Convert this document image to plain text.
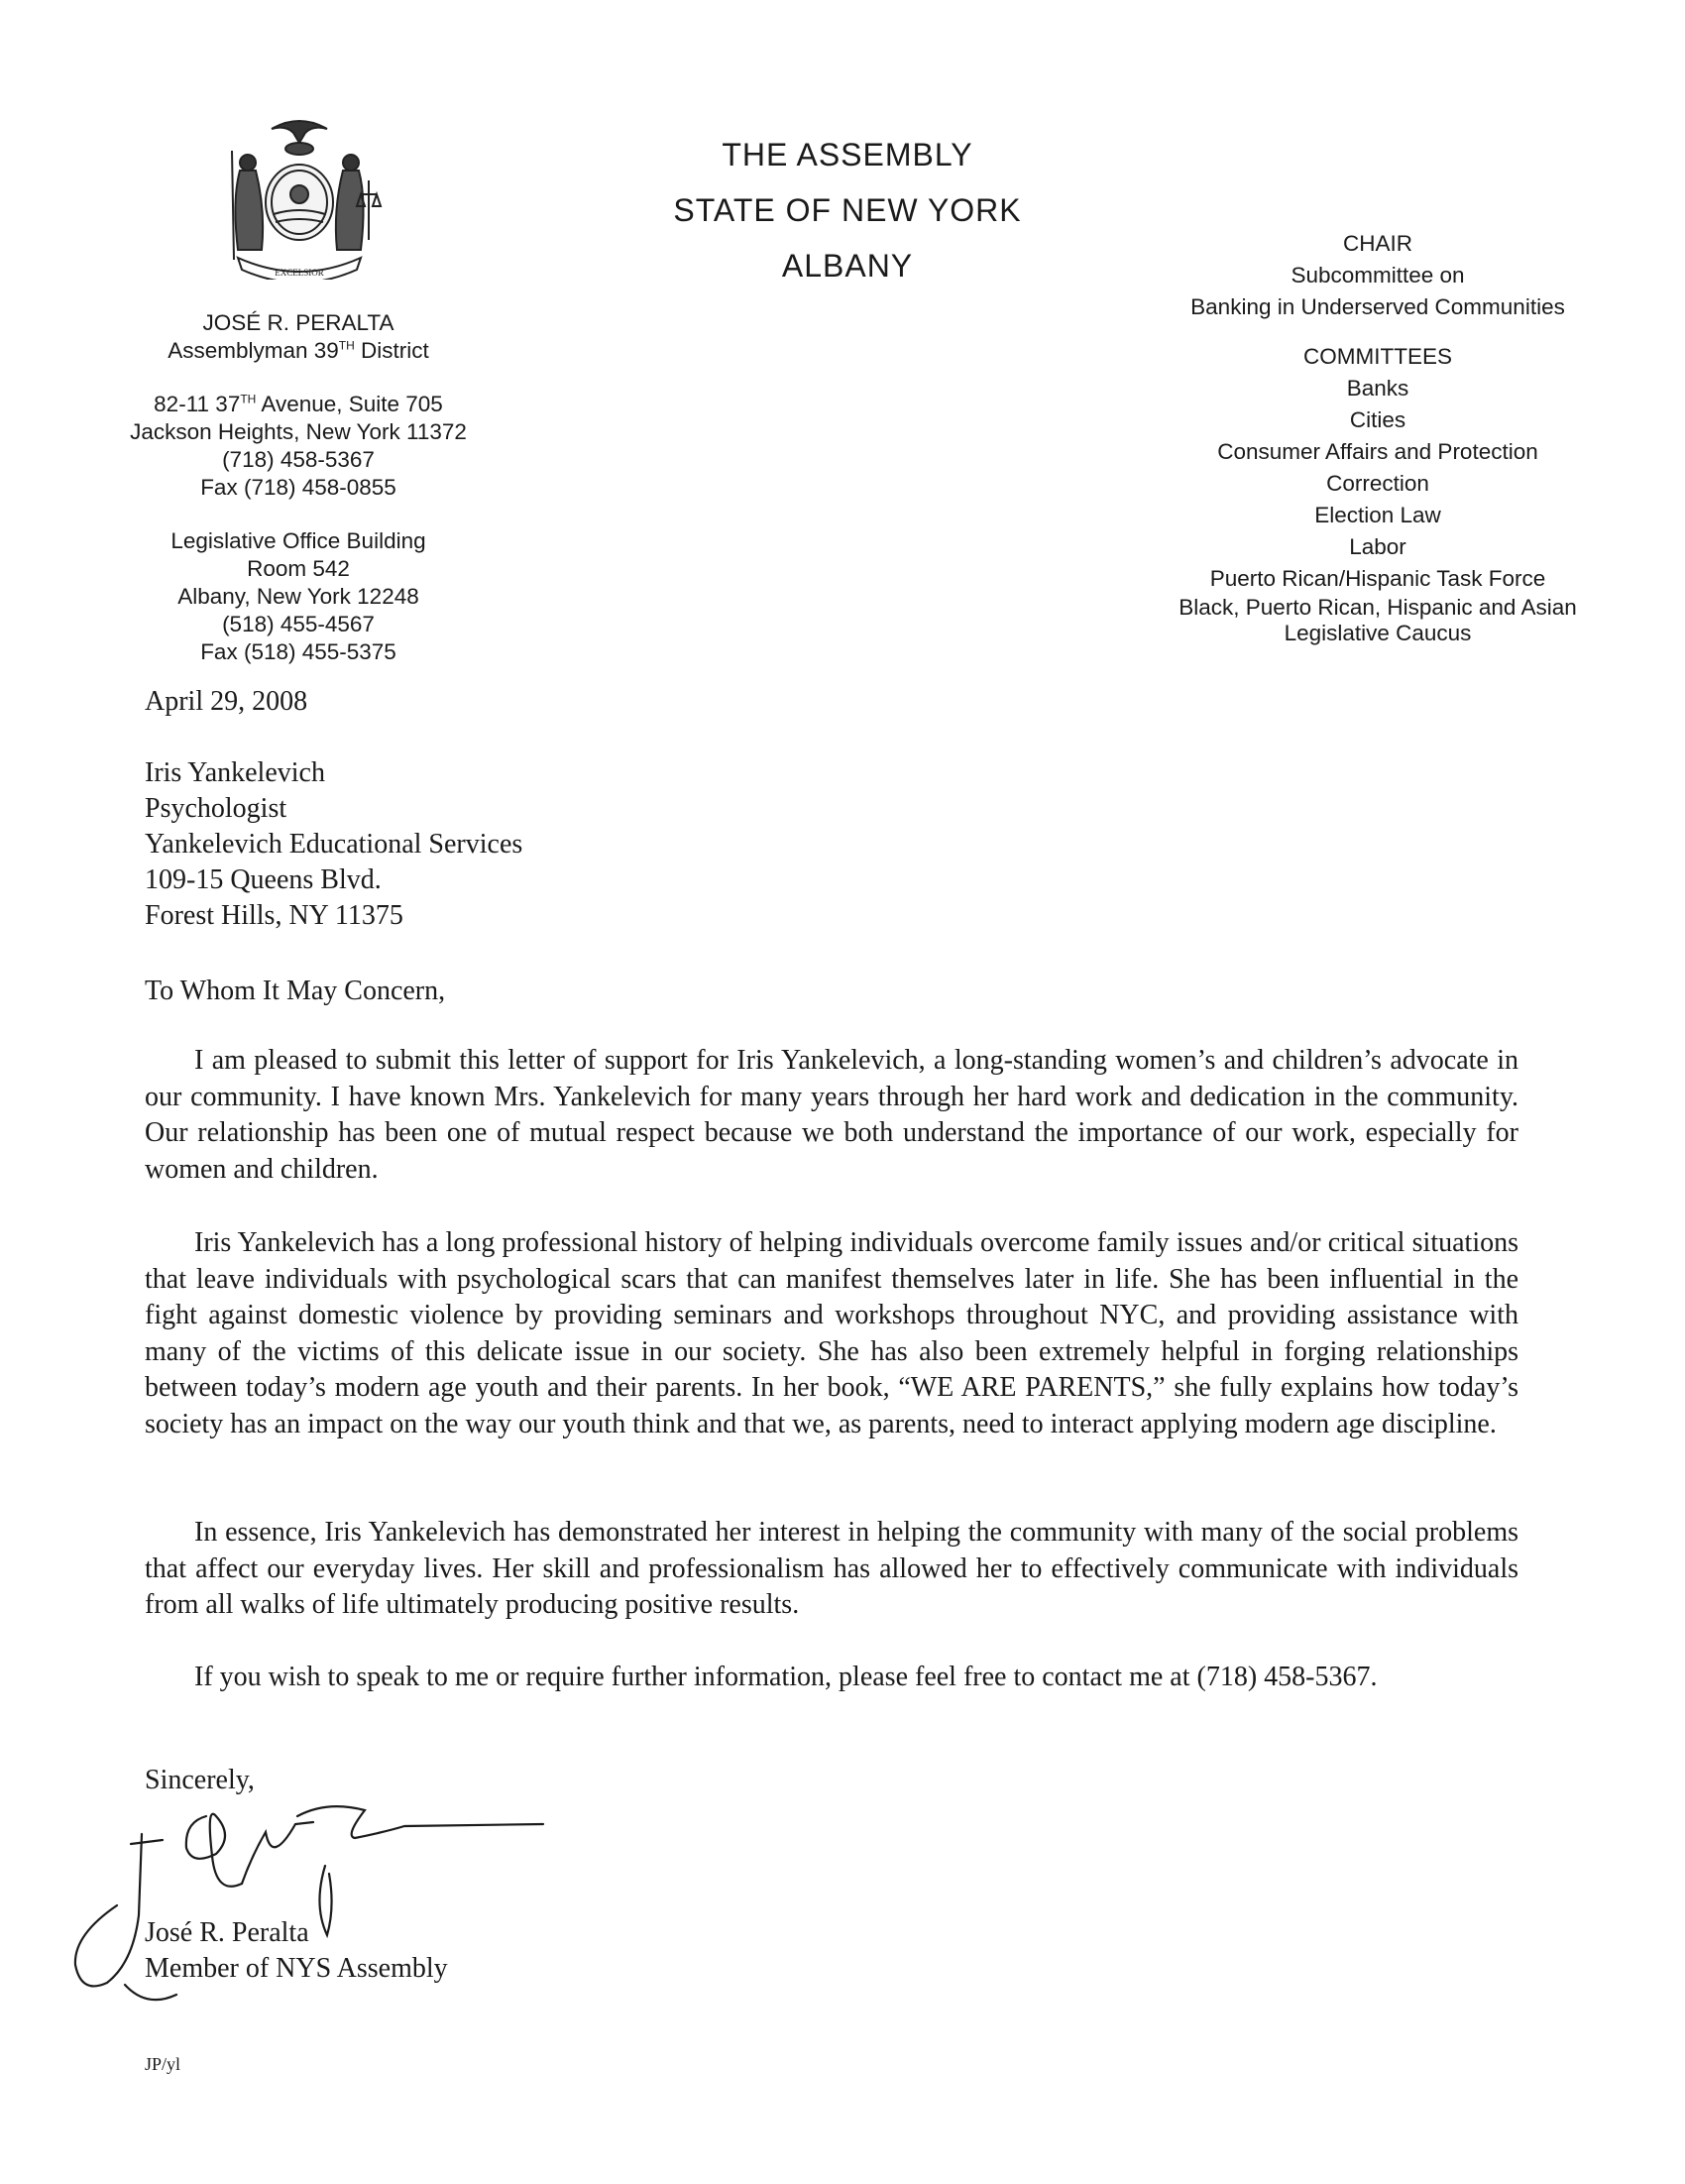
EXCELSIOR
THE ASSEMBLY
STATE OF NEW YORK
ALBANY
JOSÉ R. PERALTA
Assemblyman 39TH District
82-11 37TH Avenue, Suite 705
Jackson Heights, New York 11372
(718) 458-5367
Fax (718) 458-0855
Legislative Office Building
Room 542
Albany, New York 12248
(518) 455-4567
Fax (518) 455-5375
CHAIR
Subcommittee on
Banking in Underserved Communities
COMMITTEES
Banks
Cities
Consumer Affairs and Protection
Correction
Election Law
Labor
Puerto Rican/Hispanic Task Force
Black, Puerto Rican, Hispanic and Asian
Legislative Caucus
April 29, 2008
Iris Yankelevich
Psychologist
Yankelevich Educational Services
109-15 Queens Blvd.
Forest Hills, NY 11375
To Whom It May Concern,

I am pleased to submit this letter of support for Iris Yankelevich, a long-standing women’s and children’s advocate in our community. I have known Mrs. Yankelevich for many years through her hard work and dedication in the community. Our relationship has been one of mutual respect because we both understand the importance of our work, especially for women and children.

Iris Yankelevich has a long professional history of helping individuals overcome family issues and/or critical situations that leave individuals with psychological scars that can manifest themselves later in life. She has been influential in the fight against domestic violence by providing seminars and workshops throughout NYC, and providing assistance with many of the victims of this delicate issue in our society. She has also been extremely helpful in forging relationships between today’s modern age youth and their parents. In her book, “WE ARE PARENTS,” she fully explains how today’s society has an impact on the way our youth think and that we, as parents, need to interact applying modern age discipline.

In essence, Iris Yankelevich has demonstrated her interest in helping the community with many of the social problems that affect our everyday lives. Her skill and professionalism has allowed her to effectively communicate with individuals from all walks of life ultimately producing positive results.

If you wish to speak to me or require further information, please feel free to contact me at (718) 458-5367.

Sincerely,
José R. Peralta
Member of NYS Assembly
JP/yl
